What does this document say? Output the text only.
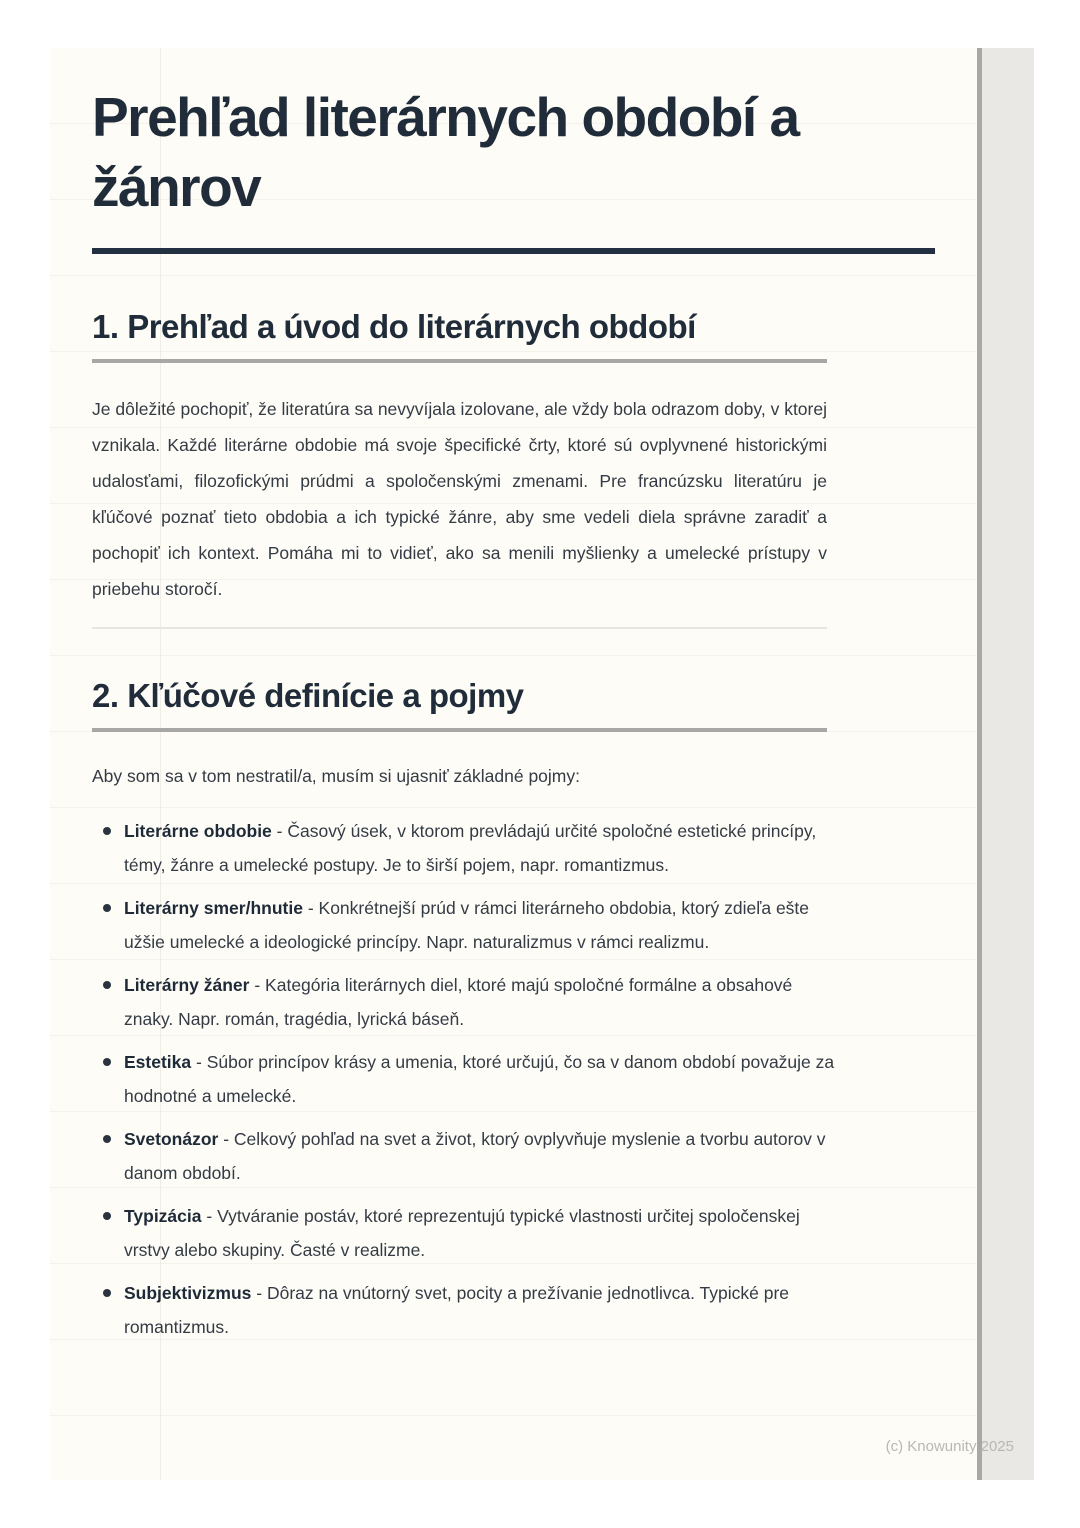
Prehľad literárnych období a žánrov
1. Prehľad a úvod do literárnych období

Je dôležité pochopiť, že literatúra sa nevyvíjala izolovane, ale vždy bola odrazom doby, v ktorej vznikala. Každé literárne obdobie má svoje špecifické črty, ktoré sú ovplyvnené historickými udalosťami, filozofickými prúdmi a spoločenskými zmenami. Pre francúzsku literatúru je kľúčové poznať tieto obdobia a ich typické žánre, aby sme vedeli diela správne zaradiť a pochopiť ich kontext. Pomáha mi to vidieť, ako sa menili myšlienky a umelecké prístupy v priebehu storočí.

2. Kľúčové definície a pojmy

Aby som sa v tom nestratil/a, musím si ujasniť základné pojmy:

Literárne obdobie - Časový úsek, v ktorom prevládajú určité spoločné estetické princípy, témy, žánre a umelecké postupy. Je to širší pojem, napr. romantizmus.
Literárny smer/hnutie - Konkrétnejší prúd v rámci literárneho obdobia, ktorý zdieľa ešte užšie umelecké a ideologické princípy. Napr. naturalizmus v rámci realizmu.
Literárny žáner - Kategória literárnych diel, ktoré majú spoločné formálne a obsahové znaky. Napr. román, tragédia, lyrická báseň.
Estetika - Súbor princípov krásy a umenia, ktoré určujú, čo sa v danom období považuje za hodnotné a umelecké.
Svetonázor - Celkový pohľad na svet a život, ktorý ovplyvňuje myslenie a tvorbu autorov v danom období.
Typizácia - Vytváranie postáv, ktoré reprezentujú typické vlastnosti určitej spoločenskej vrstvy alebo skupiny. Časté v realizme.
Subjektivizmus - Dôraz na vnútorný svet, pocity a prežívanie jednotlivca. Typické pre romantizmus.
(c) Knowunity 2025
